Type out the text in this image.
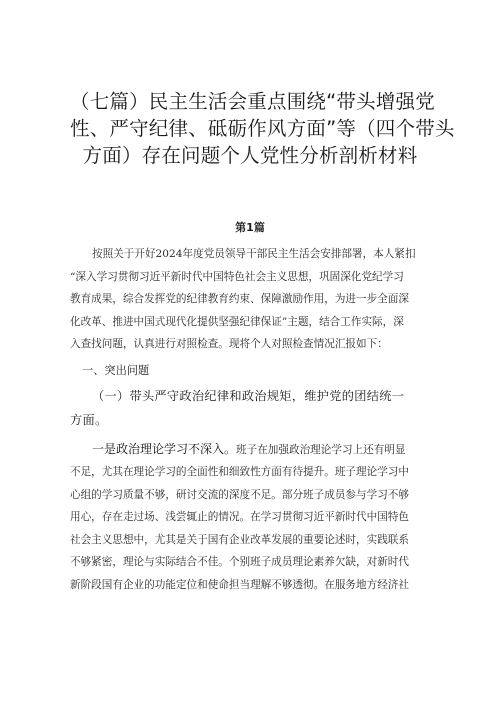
（七篇）民主生活会重点围绕“带头增强党
性、严守纪律、砥砺作风方面”等（四个带头
方面）存在问题个人党性分析剖析材料
第1篇

按照关于开好2024年度党员领导干部民主生活会安排部署，本人紧扣
“深入学习贯彻习近平新时代中国特色社会主义思想，巩固深化党纪学习
教育成果，综合发挥党的纪律教育约束、保障激励作用，为进一步全面深
化改革、推进中国式现代化提供坚强纪律保证”主题，结合工作实际，深
入查找问题，认真进行对照检查。现将个人对照检查情况汇报如下：

一、突出问题
（一）带头严守政治纪律和政治规矩，维护党的团结统一
方面。

一是政治理论学习不深入。班子在加强政治理论学习上还有明显
不足，尤其在理论学习的全面性和细致性方面有待提升。班子理论学习中
心组的学习质量不够，研讨交流的深度不足。部分班子成员参与学习不够
用心，存在走过场、浅尝辄止的情况。在学习贯彻习近平新时代中国特色
社会主义思想中，尤其是关于国有企业改革发展的重要论述时，实践联系
不够紧密，理论与实际结合不佳。个别班子成员理论素养欠缺，对新时代
新阶段国有企业的功能定位和使命担当理解不够透彻。在服务地方经济社
